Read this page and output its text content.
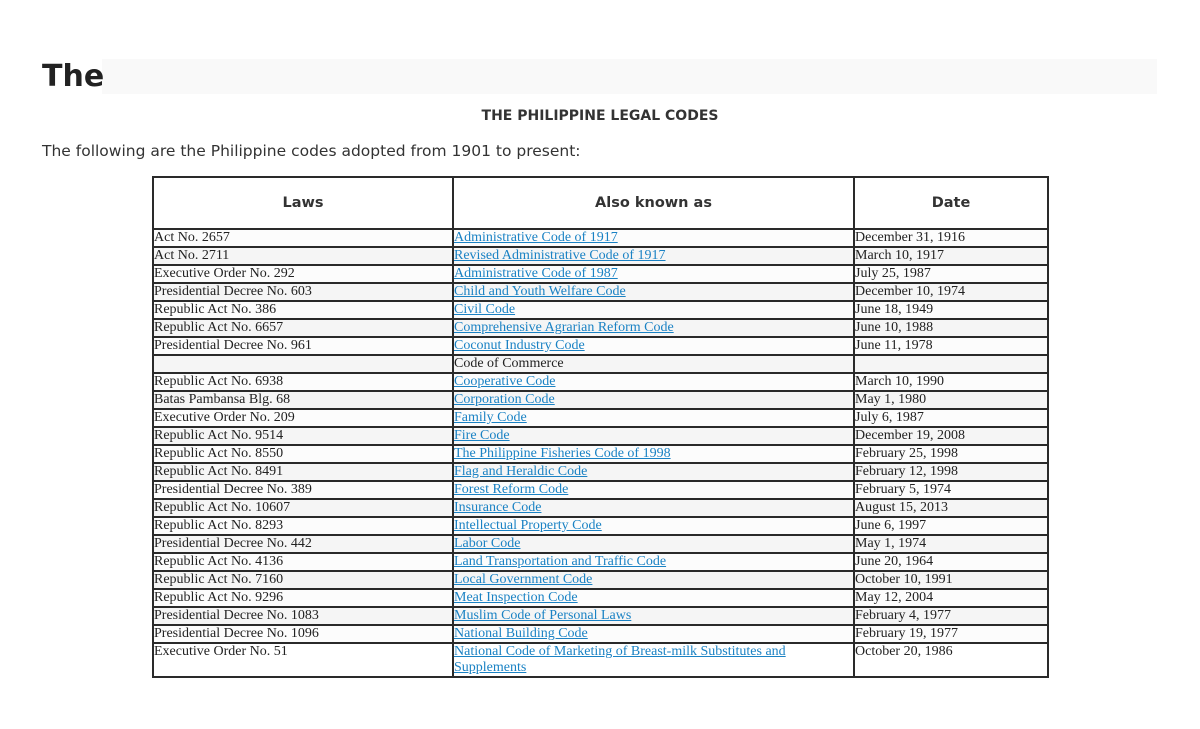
The
THE PHILIPPINE LEGAL CODES

The following are the Philippine codes adopted from 1901 to present:

Laws	Also known as	Date
Act No. 2657	Administrative Code of 1917	December 31, 1916
Act No. 2711	Revised Administrative Code of 1917	March 10, 1917
Executive Order No. 292	Administrative Code of 1987	July 25, 1987
Presidential Decree No. 603	Child and Youth Welfare Code	December 10, 1974
Republic Act No. 386	Civil Code	June 18, 1949
Republic Act No. 6657	Comprehensive Agrarian Reform Code	June 10, 1988
Presidential Decree No. 961	Coconut Industry Code	June 11, 1978
	Code of Commerce	
Republic Act No. 6938	Cooperative Code	March 10, 1990
Batas Pambansa Blg. 68	Corporation Code	May 1, 1980
Executive Order No. 209	Family Code	July 6, 1987
Republic Act No. 9514	Fire Code	December 19, 2008
Republic Act No. 8550	The Philippine Fisheries Code of 1998	February 25, 1998
Republic Act No. 8491	Flag and Heraldic Code	February 12, 1998
Presidential Decree No. 389	Forest Reform Code	February 5, 1974
Republic Act No. 10607	Insurance Code	August 15, 2013
Republic Act No. 8293	Intellectual Property Code	June 6, 1997
Presidential Decree No. 442	Labor Code	May 1, 1974
Republic Act No. 4136	Land Transportation and Traffic Code	June 20, 1964
Republic Act No. 7160	Local Government Code	October 10, 1991
Republic Act No. 9296	Meat Inspection Code	May 12, 2004
Presidential Decree No. 1083	Muslim Code of Personal Laws	February 4, 1977
Presidential Decree No. 1096	National Building Code	February 19, 1977
Executive Order No. 51	National Code of Marketing of Breast-milk Substitutes and Supplements	October 20, 1986
